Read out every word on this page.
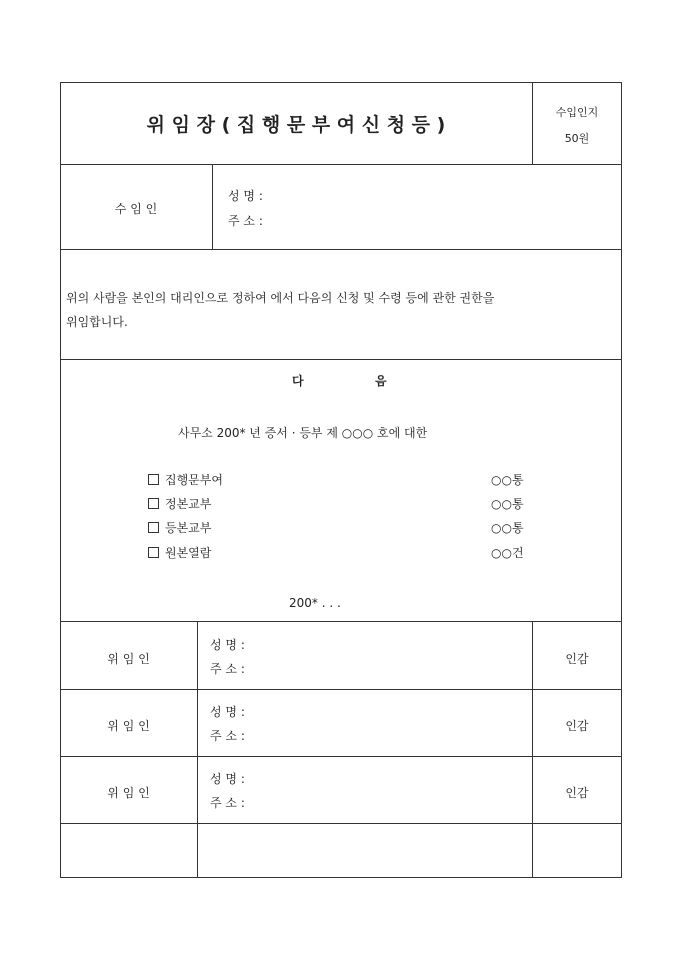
위 임 장 ( 집 행 문 부 여 신 청 등 )
수입인지
50원
수 임 인
성 명 :
주 소 :
위의 사람을 본인의 대리인으로 정하여 에서 다음의 신청 및 수령 등에 관한 권한을
위임합니다.
다	음
사무소 200* 년 증서 · 등부 제 ○○○ 호에 대한
집행문부여	○○통
정본교부	○○통
등본교부	○○통
원본열람	○○건
200* . . .
위 임 인
성 명 :
주 소 :
인감
위 임 인
성 명 :
주 소 :
인감
위 임 인
성 명 :
주 소 :
인감
